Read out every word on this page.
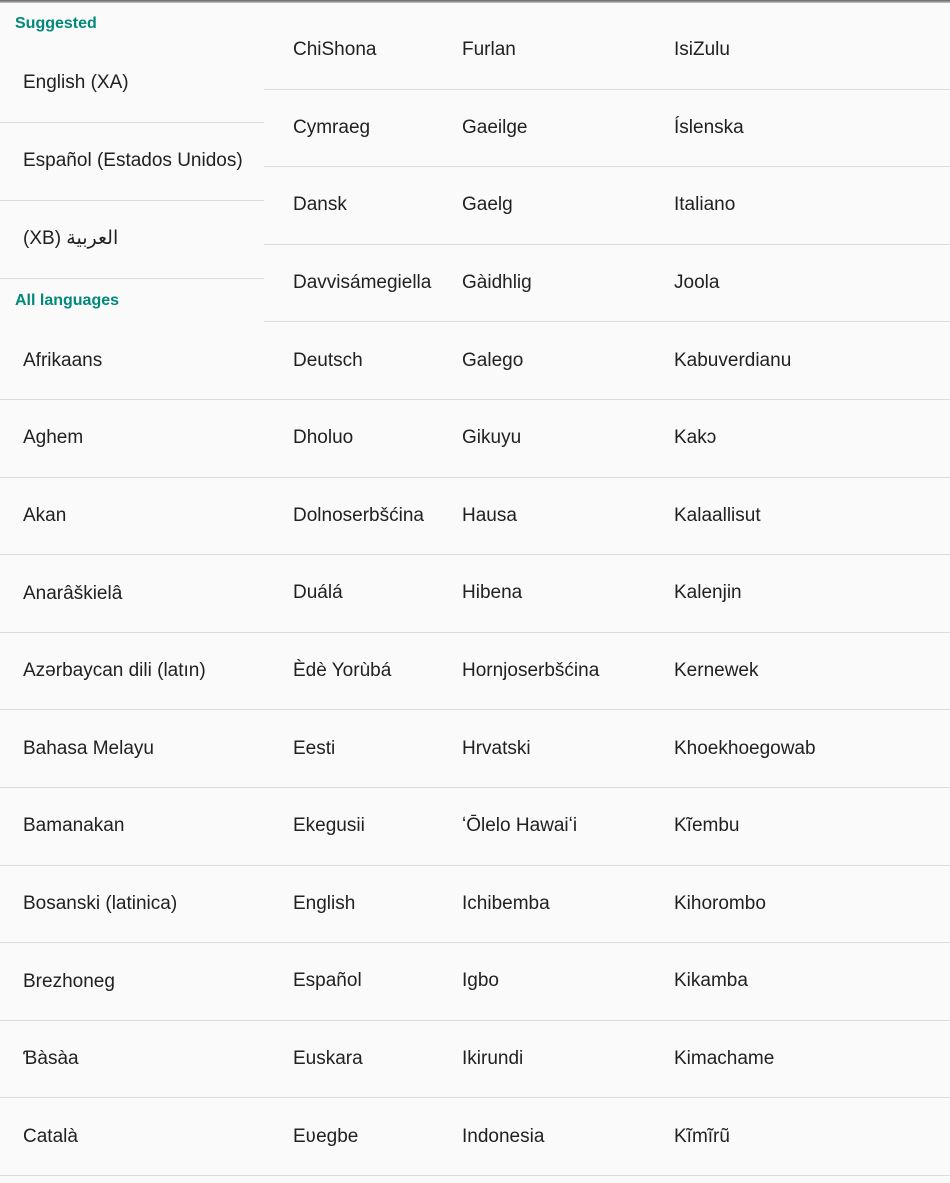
Suggested
All languages
English (XA)
Español (Estados Unidos)
العربية (XB)
Afrikaans
Aghem
Akan
Anarâškielâ
Azərbaycan dili (latın)
Bahasa Melayu
Bamanakan
Bosanski (latinica)
Brezhoneg
Ɓàsàa
Català
ChiShona
Cymraeg
Dansk
Davvisámegiella
Deutsch
Dholuo
Dolnoserbšćina
Duálá
Èdè Yorùbá
Eesti
Ekegusii
English
Español
Euskara
Eʋegbe
Furlan
Gaeilge
Gaelg
Gàidhlig
Galego
Gikuyu
Hausa
Hibena
Hornjoserbšćina
Hrvatski
ʻŌlelo Hawaiʻi
Ichibemba
Igbo
Ikirundi
Indonesia
IsiZulu
Íslenska
Italiano
Joola
Kabuverdianu
Kakɔ
Kalaallisut
Kalenjin
Kernewek
Khoekhoegowab
Kĩembu
Kihorombo
Kikamba
Kimachame
Kĩmĩrũ
